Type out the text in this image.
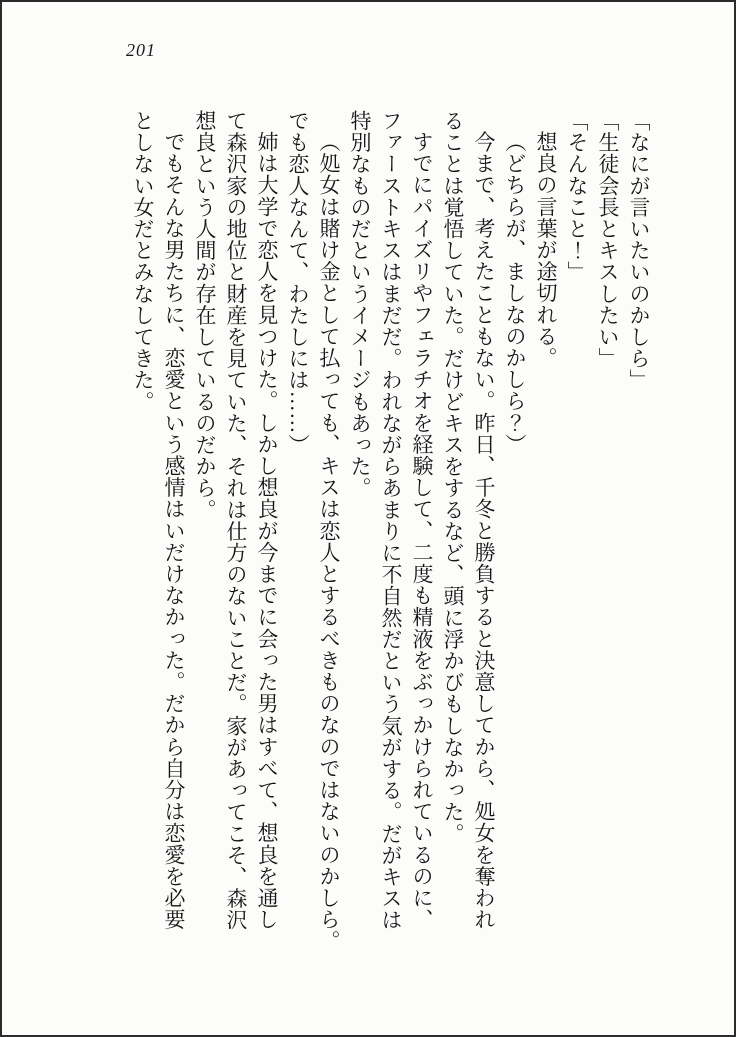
201
「なにが言いたいのかしら」
「生徒会長とキスしたい」
「そんなこと！」
想良の言葉が途切れる。
（どちらが、ましなのかしら？）
今まで、考えたこともない。昨日、千冬と勝負すると決意してから、処女を奪われ
ることは覚悟していた。だけどキスをするなど、頭に浮かびもしなかった。
すでにパイズリやフェラチオを経験して、二度も精液をぶっかけられているのに、
ファーストキスはまだだ。われながらあまりに不自然だという気がする。だがキスは
特別なものだというイメージもあった。
（処女は賭け金として払っても、キスは恋人とするべきものなのではないのかしら。
でも恋人なんて、わたしには……）
姉は大学で恋人を見つけた。しかし想良が今までに会った男はすべて、想良を通し
て森沢家の地位と財産を見ていた、それは仕方のないことだ。家があってこそ、森沢
想良という人間が存在しているのだから。
でもそんな男たちに、恋愛という感情はいだけなかった。だから自分は恋愛を必要
としない女だとみなしてきた。
